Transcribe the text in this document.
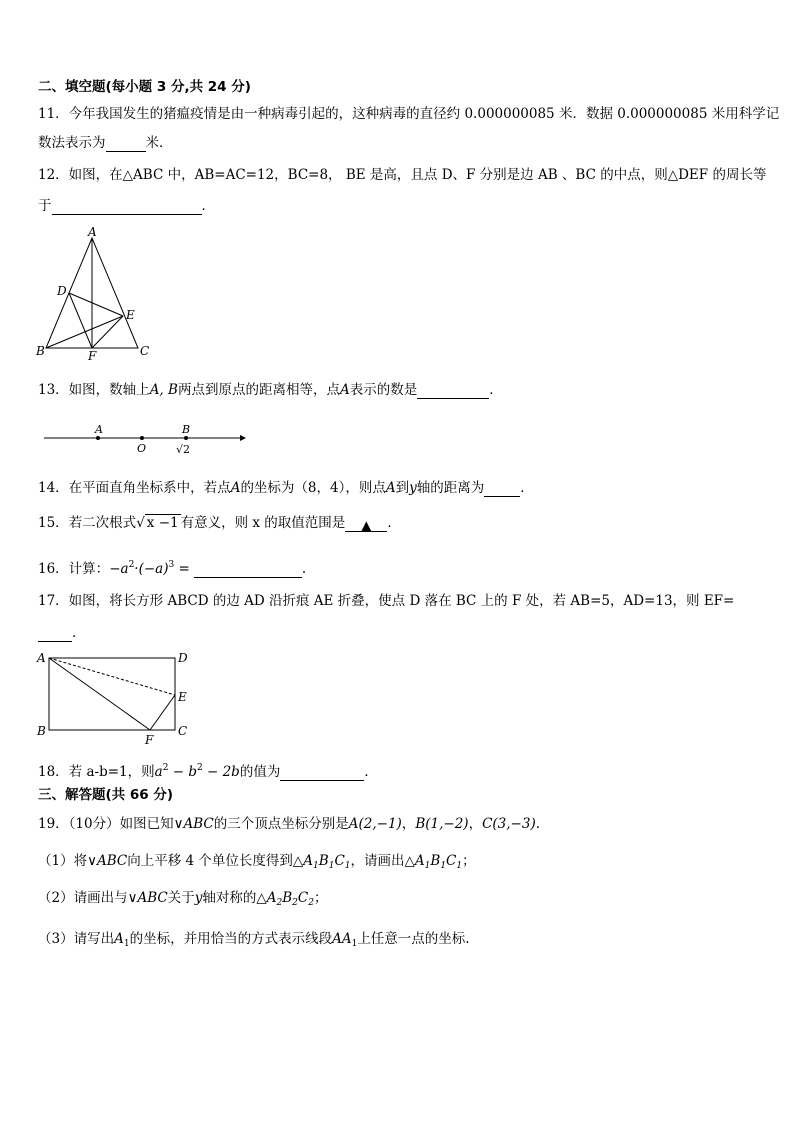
二、填空题(每小题 3 分,共 24 分)
11．今年我国发生的猪瘟疫情是由一种病毒引起的，这种病毒的直径约 0.000000085 米．数据 0.000000085 米用科学记
数法表示为	米．
12．如图，在△ABC 中，AB=AC=12，BC=8， BE 是高，且点 D、F 分别是边 AB 、BC 的中点，则△DEF 的周长等
于	．
A
D
E
B	F	C
13．如图，数轴上A, B两点到原点的距离相等，点A表示的数是	．
A
O
B
√2
14．在平面直角坐标系中，若点A的坐标为（8，4），则点A到y轴的距离为	．
15．若二次根式√ x −1 有意义，则 x 的取值范围是 ▲ ．
16．计算：$-a^2\cdot(-a)^3$ =	.
17．如图，将长方形 ABCD 的边 AD 沿折痕 AE 折叠，使点 D 落在 BC 上的 F 处，若 AB=5，AD=13，则 EF=
．
A	D
E
B
F
C
18．若 a-b=1，则$a^2 - b^2 - 2b$的值为	．
三、解答题(共 66 分)
19．（10分）如图已知∨ABC的三个顶点坐标分别是A(2,−1)，B(1,−2)，C(3,−3).
（1）将∨ABC向上平移 4 个单位长度得到$\triangle A_1B_1C_1$，请画出$\triangle A_1B_1C_1$；
（2）请画出与∨ABC关于y轴对称的$\triangle A_2B_2C_2$；
（3）请写出$A_1$的坐标，并用恰当的方式表示线段$AA_1$上任意一点的坐标.
